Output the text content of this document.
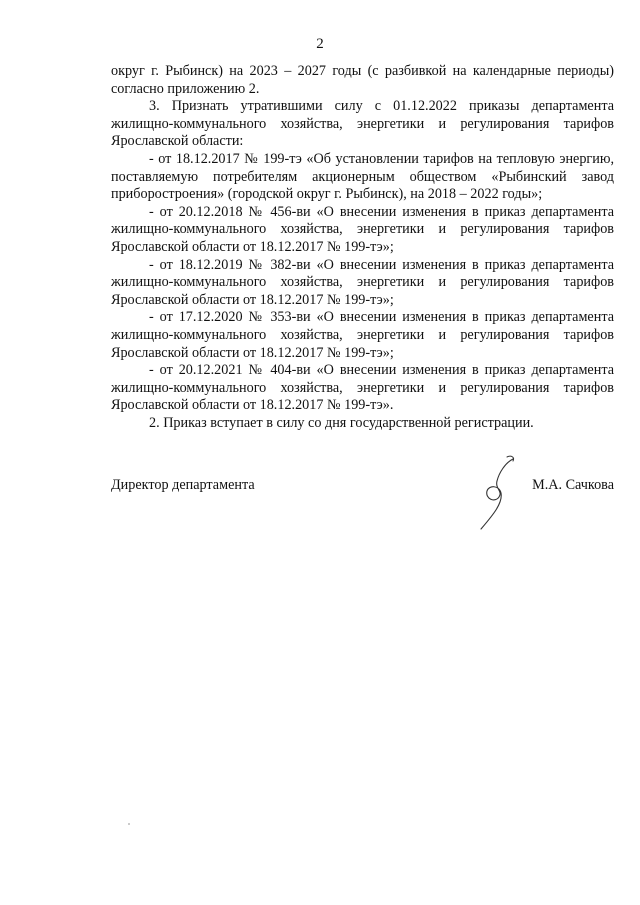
2

округ г. Рыбинск) на 2023 – 2027 годы (с разбивкой на календарные периоды) согласно приложению 2.

3. Признать утратившими силу с 01.12.2022 приказы департамента жилищно-коммунального хозяйства, энергетики и регулирования тарифов Ярославской области:

- от 18.12.2017 № 199-тэ «Об установлении тарифов на тепловую энергию, поставляемую потребителям акционерным обществом «Рыбинский завод приборостроения» (городской округ г. Рыбинск), на 2018 – 2022 годы»;

- от 20.12.2018 № 456-ви «О внесении изменения в приказ департамента жилищно-коммунального хозяйства, энергетики и регулирования тарифов Ярославской области от 18.12.2017 № 199-тэ»;

- от 18.12.2019 № 382-ви «О внесении изменения в приказ департамента жилищно-коммунального хозяйства, энергетики и регулирования тарифов Ярославской области от 18.12.2017 № 199-тэ»;

- от 17.12.2020 № 353-ви «О внесении изменения в приказ департамента жилищно-коммунального хозяйства, энергетики и регулирования тарифов Ярославской области от 18.12.2017 № 199-тэ»;

- от 20.12.2021 № 404-ви «О внесении изменения в приказ департамента жилищно-коммунального хозяйства, энергетики и регулирования тарифов Ярославской области от 18.12.2017 № 199-тэ».

2. Приказ вступает в силу со дня государственной регистрации.

Директор департамента	М.А. Сачкова
